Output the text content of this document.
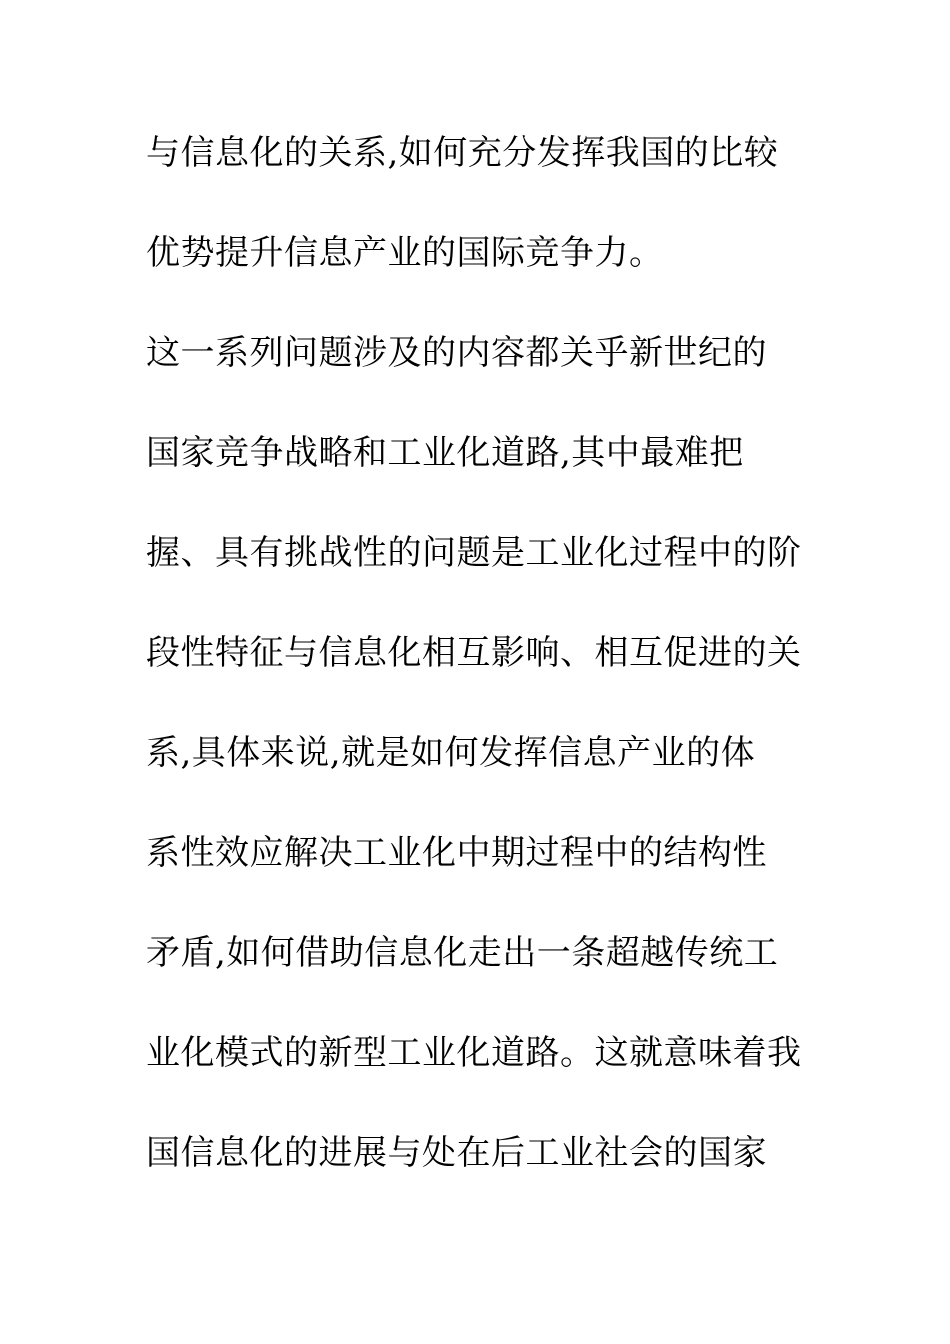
与信息化的关系,如何充分发挥我国的比较
优势提升信息产业的国际竞争力。
这一系列问题涉及的内容都关乎新世纪的
国家竞争战略和工业化道路,其中最难把
握、具有挑战性的问题是工业化过程中的阶
段性特征与信息化相互影响、相互促进的关
系,具体来说,就是如何发挥信息产业的体
系性效应解决工业化中期过程中的结构性
矛盾,如何借助信息化走出一条超越传统工
业化模式的新型工业化道路。这就意味着我
国信息化的进展与处在后工业社会的国家
